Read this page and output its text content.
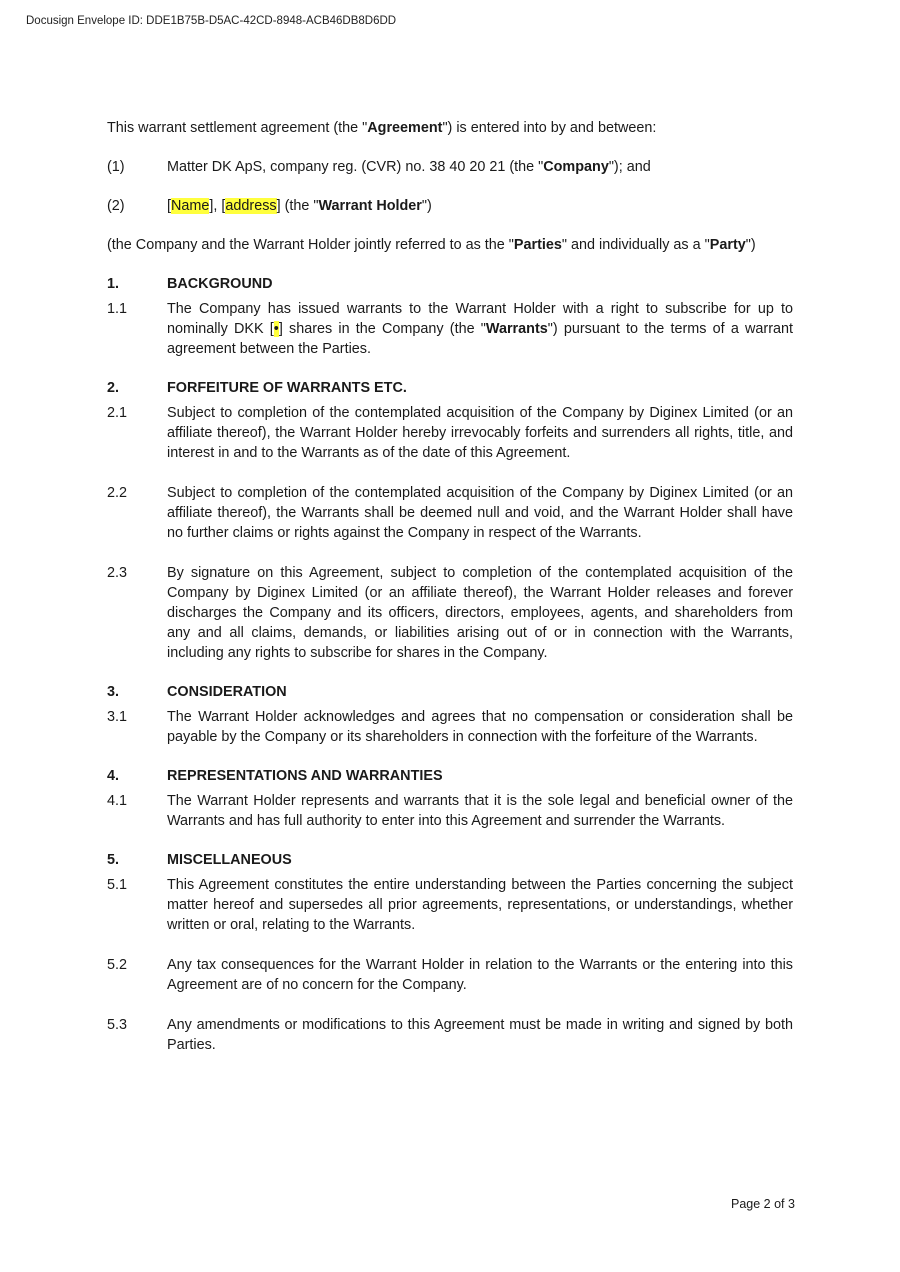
Docusign Envelope ID: DDE1B75B-D5AC-42CD-8948-ACB46DB8D6DD

This warrant settlement agreement (the "Agreement") is entered into by and between:

(1)	Matter DK ApS, company reg. (CVR) no. 38 40 20 21 (the "Company"); and
(2)	[Name], [address] (the "Warrant Holder")

(the Company and the Warrant Holder jointly referred to as the "Parties" and individually as a "Party")

1.	BACKGROUND
1.1	The Company has issued warrants to the Warrant Holder with a right to subscribe for up to nominally DKK [•] shares in the Company (the "Warrants") pursuant to the terms of a warrant agreement between the Parties.
2.	FORFEITURE OF WARRANTS ETC.
2.1	Subject to completion of the contemplated acquisition of the Company by Diginex Limited (or an affiliate thereof), the Warrant Holder hereby irrevocably forfeits and surrenders all rights, title, and interest in and to the Warrants as of the date of this Agreement.
2.2	Subject to completion of the contemplated acquisition of the Company by Diginex Limited (or an affiliate thereof), the Warrants shall be deemed null and void, and the Warrant Holder shall have no further claims or rights against the Company in respect of the Warrants.
2.3	By signature on this Agreement, subject to completion of the contemplated acquisition of the Company by Diginex Limited (or an affiliate thereof), the Warrant Holder releases and forever discharges the Company and its officers, directors, employees, agents, and shareholders from any and all claims, demands, or liabilities arising out of or in connection with the Warrants, including any rights to subscribe for shares in the Company.
3.	CONSIDERATION
3.1	The Warrant Holder acknowledges and agrees that no compensation or consideration shall be payable by the Company or its shareholders in connection with the forfeiture of the Warrants.
4.	REPRESENTATIONS AND WARRANTIES
4.1	The Warrant Holder represents and warrants that it is the sole legal and beneficial owner of the Warrants and has full authority to enter into this Agreement and surrender the Warrants.
5.	MISCELLANEOUS
5.1	This Agreement constitutes the entire understanding between the Parties concerning the subject matter hereof and supersedes all prior agreements, representations, or understandings, whether written or oral, relating to the Warrants.
5.2	Any tax consequences for the Warrant Holder in relation to the Warrants or the entering into this Agreement are of no concern for the Company.
5.3	Any amendments or modifications to this Agreement must be made in writing and signed by both Parties.
Page 2 of 3
